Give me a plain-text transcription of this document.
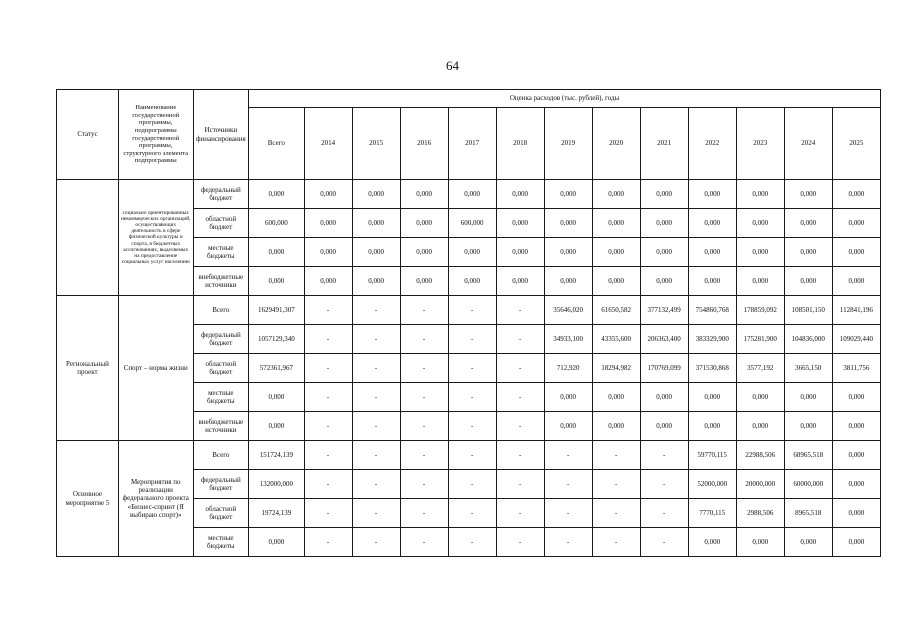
64
Статус	Наименование государственной программы, подпрограммы государственной программы, структурного элемента подпрограммы	Источники финансирования	Оценка расходов (тыс. рублей), годы												
			Всего	2014	2015	2016	2017	2018	2019	2020	2021	2022	2023	2024	2025
	социально ориентированных некоммерческих организаций, осуществляющих деятельность в сфере физической культуры и спорта, в бюджетных ассигнованиях, выделяемых на предоставление социальных услуг населению	федеральный бюджет	0,000	0,000	0,000	0,000	0,000	0,000	0,000	0,000	0,000	0,000	0,000	0,000	0,000
		областной бюджет	600,000	0,000	0,000	0,000	600,000	0,000	0,000	0,000	0,000	0,000	0,000	0,000	0,000
		местные бюджеты	0,000	0,000	0,000	0,000	0,000	0,000	0,000	0,000	0,000	0,000	0,000	0,000	0,000
		внебюджетные источники	0,000	0,000	0,000	0,000	0,000	0,000	0,000	0,000	0,000	0,000	0,000	0,000	0,000
Региональный проект	Спорт – норма жизни	Всего	1629491,307	-	-	-	-	-	35646,020	61650,582	377132,499	754860,768	178859,092	108501,150	112841,196
		федеральный бюджет	1057129,340	-	-	-	-	-	34933,100	43355,600	206363,400	383329,900	175281,900	104836,000	109029,440
		областной бюджет	572361,967	-	-	-	-	-	712,920	18294,982	170769,099	371530,868	3577,192	3665,150	3811,756
		местные бюджеты	0,000	-	-	-	-	-	0,000	0,000	0,000	0,000	0,000	0,000	0,000
		внебюджетные источники	0,000	-	-	-	-	-	0,000	0,000	0,000	0,000	0,000	0,000	0,000
Основное мероприятие 5	Мероприятия по реализации федерального проекта «Бизнес-спринт (Я выбираю спорт)»	Всего	151724,139	-	-	-	-	-	-	-	-	59770,115	22988,506	68965,518	0,000
		федеральный бюджет	132000,000	-	-	-	-	-	-	-	-	52000,000	20000,000	60000,000	0,000
		областной бюджет	19724,139	-	-	-	-	-	-	-	-	7770,115	2988,506	8965,518	0,000
		местные бюджеты	0,000	-	-	-	-	-	-	-	-	0,000	0,000	0,000	0,000
